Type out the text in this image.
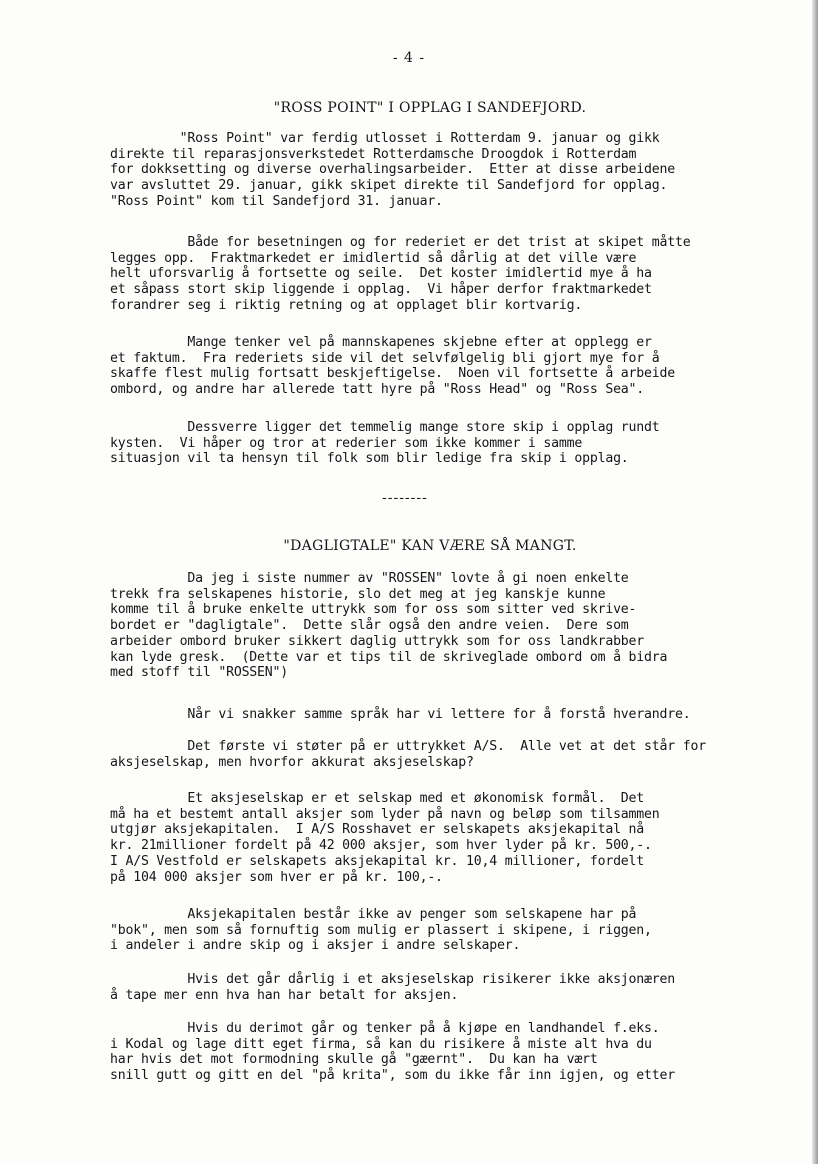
- 4 -
"ROSS POINT" I OPPLAG I SANDEFJORD.
"Ross Point" var ferdig utlosset i Rotterdam 9. januar og gikk
direkte til reparasjonsverkstedet Rotterdamsche Droogdok i Rotterdam
for dokksetting og diverse overhalingsarbeider.  Etter at disse arbeidene
var avsluttet 29. januar, gikk skipet direkte til Sandefjord for opplag.
"Ross Point" kom til Sandefjord 31. januar.
Både for besetningen og for rederiet er det trist at skipet måtte
legges opp.  Fraktmarkedet er imidlertid så dårlig at det ville være
helt uforsvarlig å fortsette og seile.  Det koster imidlertid mye å ha
et såpass stort skip liggende i opplag.  Vi håper derfor fraktmarkedet
forandrer seg i riktig retning og at opplaget blir kortvarig.
Mange tenker vel på mannskapenes skjebne efter at opplegg er
et faktum.  Fra rederiets side vil det selvfølgelig bli gjort mye for å
skaffe flest mulig fortsatt beskjeftigelse.  Noen vil fortsette å arbeide
ombord, og andre har allerede tatt hyre på "Ross Head" og "Ross Sea".
Dessverre ligger det temmelig mange store skip i opplag rundt
kysten.  Vi håper og tror at rederier som ikke kommer i samme
situasjon vil ta hensyn til folk som blir ledige fra skip i opplag.
--------
"DAGLIGTALE" KAN VÆRE SÅ MANGT.
Da jeg i siste nummer av "ROSSEN" lovte å gi noen enkelte
trekk fra selskapenes historie, slo det meg at jeg kanskje kunne
komme til å bruke enkelte uttrykk som for oss som sitter ved skrive-
bordet er "dagligtale".  Dette slår også den andre veien.  Dere som
arbeider ombord bruker sikkert daglig uttrykk som for oss landkrabber
kan lyde gresk.  (Dette var et tips til de skriveglade ombord om å bidra
med stoff til "ROSSEN")
Når vi snakker samme språk har vi lettere for å forstå hverandre.
Det første vi støter på er uttrykket A/S.  Alle vet at det står for
aksjeselskap, men hvorfor akkurat aksjeselskap?
Et aksjeselskap er et selskap med et økonomisk formål.  Det
må ha et bestemt antall aksjer som lyder på navn og beløp som tilsammen
utgjør aksjekapitalen.  I A/S Rosshavet er selskapets aksjekapital nå
kr. 21millioner fordelt på 42 000 aksjer, som hver lyder på kr. 500,-.
I A/S Vestfold er selskapets aksjekapital kr. 10,4 millioner, fordelt
på 104 000 aksjer som hver er på kr. 100,-.
Aksjekapitalen består ikke av penger som selskapene har på
"bok", men som så fornuftig som mulig er plassert i skipene, i riggen,
i andeler i andre skip og i aksjer i andre selskaper.
Hvis det går dårlig i et aksjeselskap risikerer ikke aksjonæren
å tape mer enn hva han har betalt for aksjen.
Hvis du derimot går og tenker på å kjøpe en landhandel f.eks.
i Kodal og lage ditt eget firma, så kan du risikere å miste alt hva du
har hvis det mot formodning skulle gå "gæernt".  Du kan ha vært
snill gutt og gitt en del "på krita", som du ikke får inn igjen, og etter
